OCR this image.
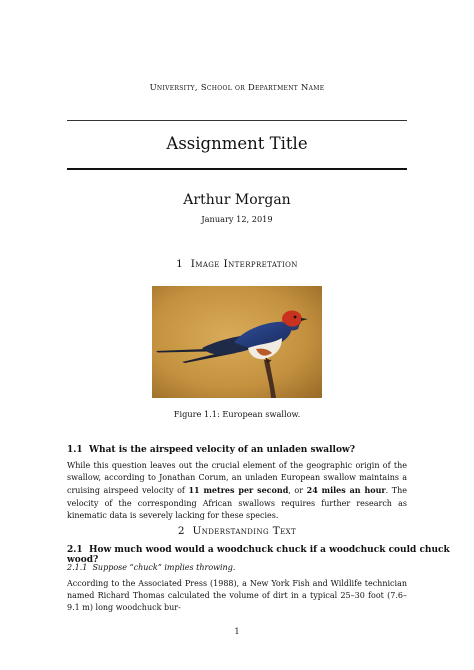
University, School or Department Name
Assignment Title
Arthur Morgan
January 12, 2019
1 Image Interpretation
Figure 1.1: European swallow.
1.1 What is the airspeed velocity of an unladen swallow?
While this question leaves out the crucial element of the geographic origin of the swallow, according to Jonathan Corum, an unladen European swallow maintains a cruising airspeed velocity of 11 metres per second, or 24 miles an hour. The velocity of the corresponding African swallows requires further research as kinematic data is severely lacking for these species.
2 Understanding Text
2.1 How much wood would a woodchuck chuck if a woodchuck could chuck wood?
2.1.1 Suppose “chuck” implies throwing.
According to the Associated Press (1988), a New York Fish and Wildlife technician named Richard Thomas calculated the volume of dirt in a typical 25–30 foot (7.6–9.1 m) long woodchuck bur-
1
